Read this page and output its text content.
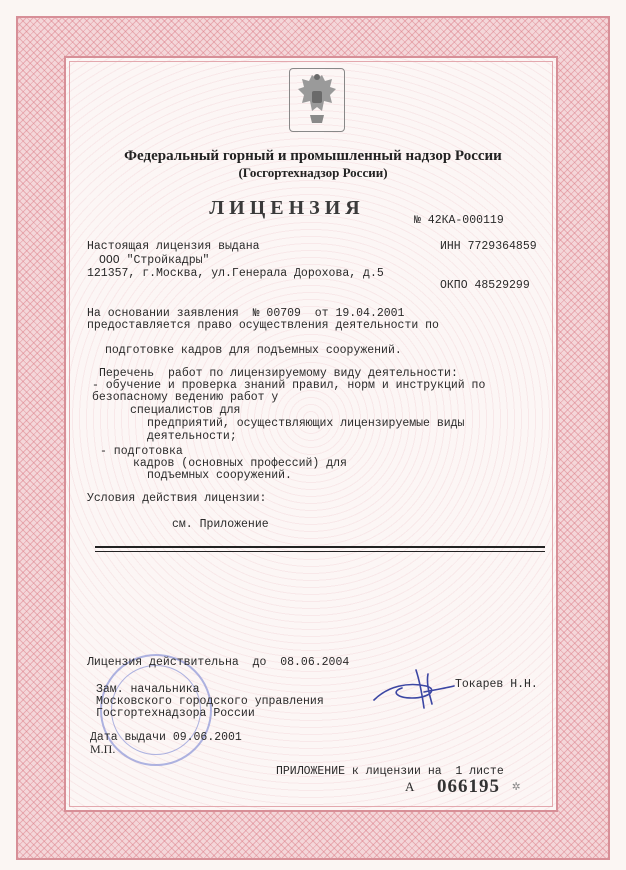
Федеральный горный и промышленный надзор России
(Госгортехнадзор России)
ЛИЦЕНЗИЯ
№ 42КА-000119
Настоящая лицензия выдана	ИНН 7729364859
ООО "Стройкадры"
121357, г.Москва, ул.Генерала Дорохова, д.5
ОКПО 48529299
На основании заявления  № 00709  от 19.04.2001
предоставляется право осуществления деятельности по
подготовке кадров для подъемных сооружений.
Перечень  работ по лицензируемому виду деятельности:
- обучение и проверка знаний правил, норм и инструкций по
безопасному ведению работ у
специалистов для
предприятий, осуществляющих лицензируемые виды
деятельности;
- подготовка
кадров (основных профессий) для
подъемных сооружений.
Условия действия лицензии:
см. Приложение
Лицензия действительна  до  08.06.2004
Зам. начальника
Московского городского управления
Госгортехнадзора России
Токарев Н.Н.
Дата выдачи 09.06.2001
М.П.
ПРИЛОЖЕНИЕ к лицензии на  1 листе
А 066195 ✲
